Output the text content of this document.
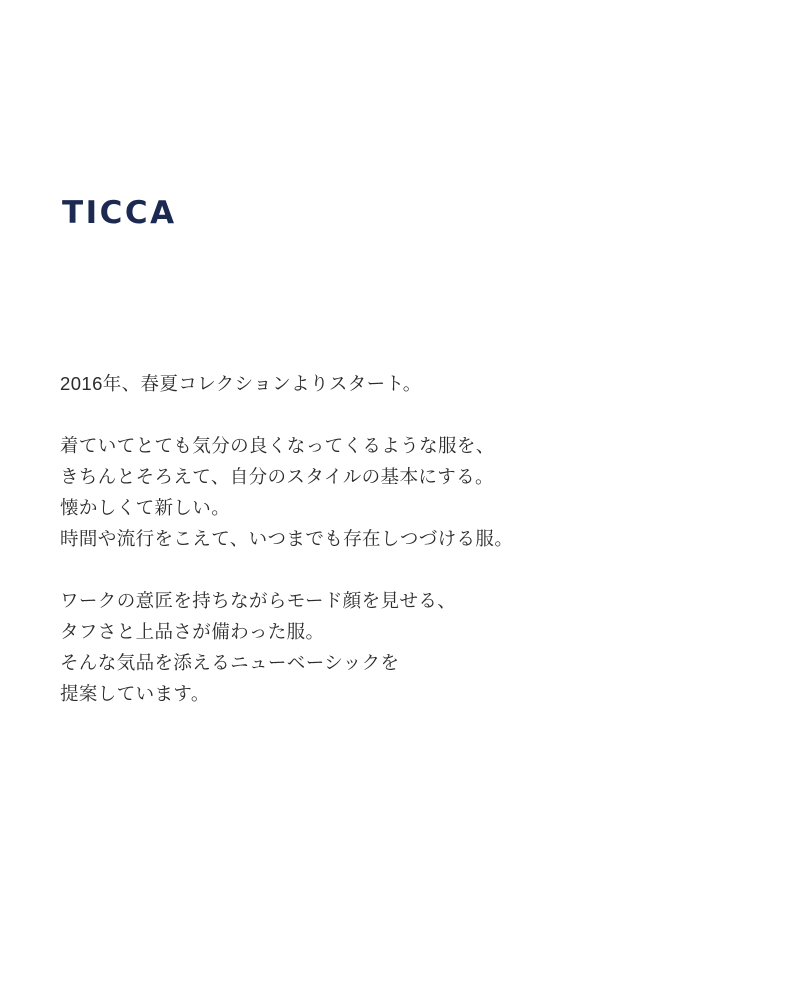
TICCA
2016年、春夏コレクションよりスタート。
着ていてとても気分の良くなってくるような服を、
きちんとそろえて、自分のスタイルの基本にする。
懐かしくて新しい。
時間や流行をこえて、いつまでも存在しつづける服。
ワークの意匠を持ちながらモード顔を見せる、
タフさと上品さが備わった服。
そんな気品を添えるニューベーシックを
提案しています。
